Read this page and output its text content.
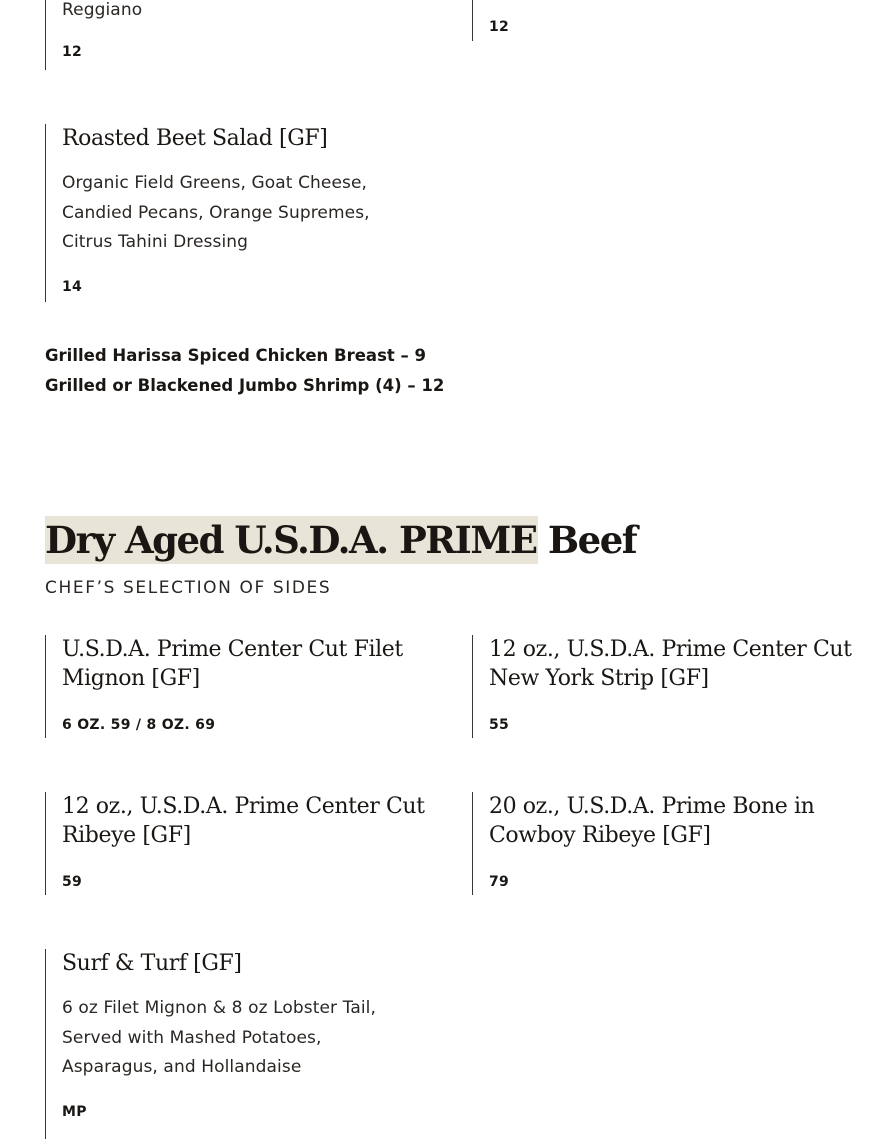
Reggiano
12
12
Roasted Beet Salad [GF]
Organic Field Greens, Goat Cheese,
Candied Pecans, Orange Supremes,
Citrus Tahini Dressing
14
Grilled Harissa Spiced Chicken Breast – 9
Grilled or Blackened Jumbo Shrimp (4) – 12
Dry Aged U.S.D.A. PRIME Beef
CHEF’S SELECTION OF SIDES
U.S.D.A. Prime Center Cut Filet
Mignon [GF]
6 OZ. 59 / 8 OZ. 69
12 oz., U.S.D.A. Prime Center Cut
New York Strip [GF]
55
12 oz., U.S.D.A. Prime Center Cut
Ribeye [GF]
59
20 oz., U.S.D.A. Prime Bone in
Cowboy Ribeye [GF]
79
Surf & Turf [GF]
6 oz Filet Mignon & 8 oz Lobster Tail,
Served with Mashed Potatoes,
Asparagus, and Hollandaise
MP
